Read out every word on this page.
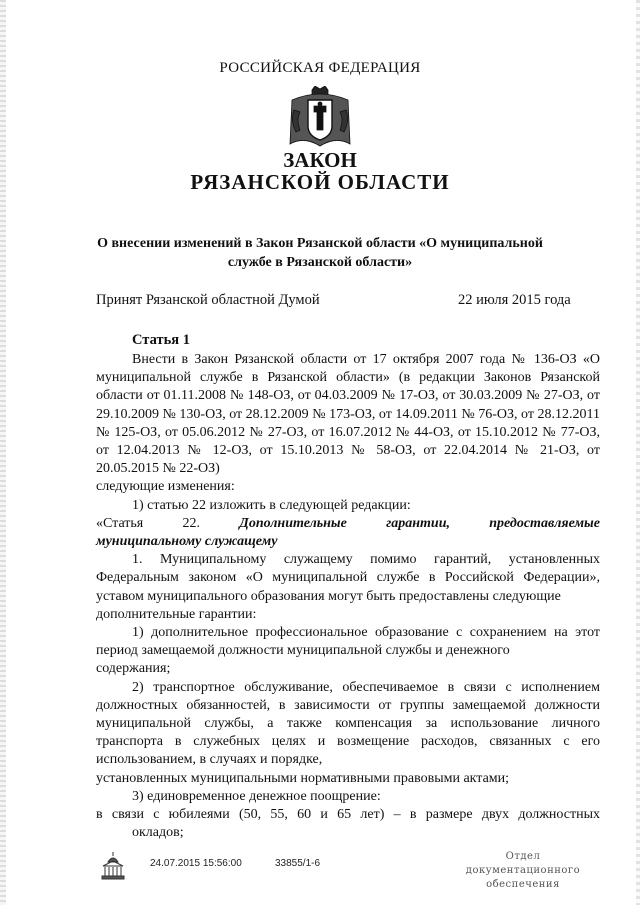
РОССИЙСКАЯ ФЕДЕРАЦИЯ
ЗАКОН
РЯЗАНСКОЙ ОБЛАСТИ
О внесении изменений в Закон Рязанской области «О муниципальной
службе в Рязанской области»
Принят Рязанской областной Думой	22 июля 2015 года
Статья 1

Внести в Закон Рязанской области от 17 октября 2007 года № 136-ОЗ «О муниципальной службе в Рязанской области» (в редакции Законов Рязанской области от 01.11.2008 № 148-ОЗ, от 04.03.2009 № 17-ОЗ, от 30.03.2009 № 27-ОЗ, от 29.10.2009 № 130-ОЗ, от 28.12.2009 № 173-ОЗ, от 14.09.2011 № 76-ОЗ, от 28.12.2011 № 125-ОЗ, от 05.06.2012 № 27-ОЗ, от 16.07.2012 № 44-ОЗ, от 15.10.2012 № 77-ОЗ, от 12.04.2013 № 12-ОЗ, от 15.10.2013 № 58-ОЗ, от 22.04.2014 № 21-ОЗ, от 20.05.2015 № 22-ОЗ)

следующие изменения:

1) статью 22 изложить в следующей редакции:

«Статья 22.	Дополнительные гарантии, предоставляемые

муниципальному служащему

1. Муниципальному служащему помимо гарантий, установленных Федеральным законом «О муниципальной службе в Российской Федерации», уставом муниципального образования могут быть предоставлены следующие

дополнительные гарантии:

1) дополнительное профессиональное образование с сохранением на этот период замещаемой должности муниципальной службы и денежного

содержания;

2) транспортное обслуживание, обеспечиваемое в связи с исполнением должностных обязанностей, в зависимости от группы замещаемой должности муниципальной службы, а также компенсация за использование личного транспорта в служебных целях и возмещение расходов, связанных с его использованием, в случаях и порядке,

установленных муниципальными нормативными правовыми актами;

3) единовременное денежное поощрение:

в связи с юбилеями (50, 55, 60 и 65 лет) – в размере двух должностных

окладов;

24.07.2015 15:56:00	33855/1-6
Отдел документационного
обеспечения
